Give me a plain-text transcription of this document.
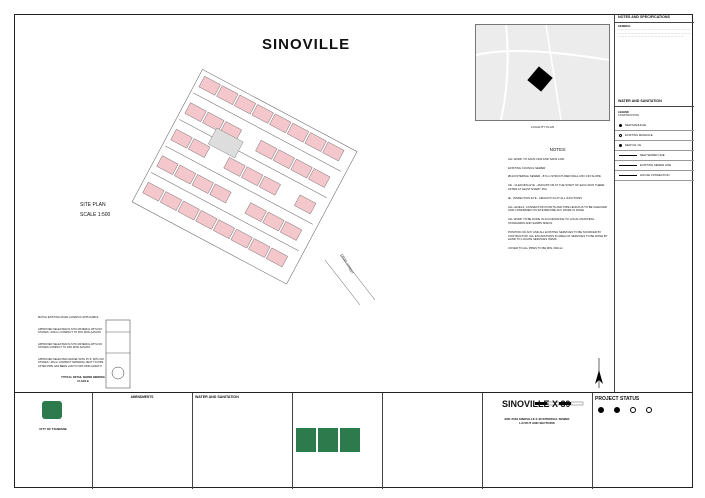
SINOVILLE
SITE PLAN
SCALE 1:500
CEDEL STREET
LOCALITY PLAN
NOTES:

ALL WORK TO SANS 1200 AND SANS 1200

EXISTING COUNCIL SEWER

Ø110 INTERNAL SEWER - 87mm STRUCTURED WALL MIN 1:60 SLOPE

CE - CLEANING EYE - AMOUNT=36 AT THE START OF EACH RUN THERE AFTER AT LEAST EVERY 25m

IE - INSPECTION EYE - AMOUNT=14 AT ALL JUNCTIONS

ALL LEVELS, CONNECTION POINTS AND PIPE LENGTHS TO BE CHECKED AND CONFIRMED ON SITE BEFORE ANY WORK IS DONE

ALL WORK TO BE DONE IN ACCORDANCE TO LOCAL MUNICIPAL STANDARDS AND SANBS SPECS.

POSITION OF ANY AND ALL EXISTING SERVICES TO BE SOURCED BY CONTRACTOR. ALL EXCAVATIONS IN AREA OF SERVICES TO BE DONE BY HAND TO LOCATE SERVICES ITEMS.

COVER TO ALL PIPES TO BE MIN. 600mm

MATCH EXISTING ROAD LAYERS IF APPLICABLE
APPROVED SELECTED IN-SITU MATERIAL WITH NO STONES >100mm COMPACT TO 90% MOD.AASHTO
APPROVED SELECTED IN-SITU MATERIAL WITH NO STONES COMPACT TO 93% MOD.AASHTO
APPROVED SELECTED GRAVEL WITH PI<6, WITH NO STONES >30mm COMPACT MATERIAL NEXT TO PIPE AFTER PIPE HAS BEEN LAID TO 90% MOD.AASHTO
TYPICAL DETAIL SEWER BEDDING CLASS B
NOTES AND SPECIFICATIONS
GENERAL
— — — — — — — — — — — — — — — — — — — — — — — — — — — — — — — — — — — — — — — — — — — — — — — — — — — — — — — — — — — — — — — —
WATER AND SANITATION
LEGEND
CONSTRUCTION
NEW MANHOLE
EXISTING MANHOLE
NEW CE / IE
NEW SEWER LINE
EXISTING SEWER LINE
HOUSE CONNECTION
CITY OF TSHWANE
AMENDMENTS	WATER AND SANITATION
SINOVILLE X 39
ERF 2169 SINOVILLE X 39 INTERNAL SEWER LAYOUT AND SECTIONS
PROJECT STATUS
